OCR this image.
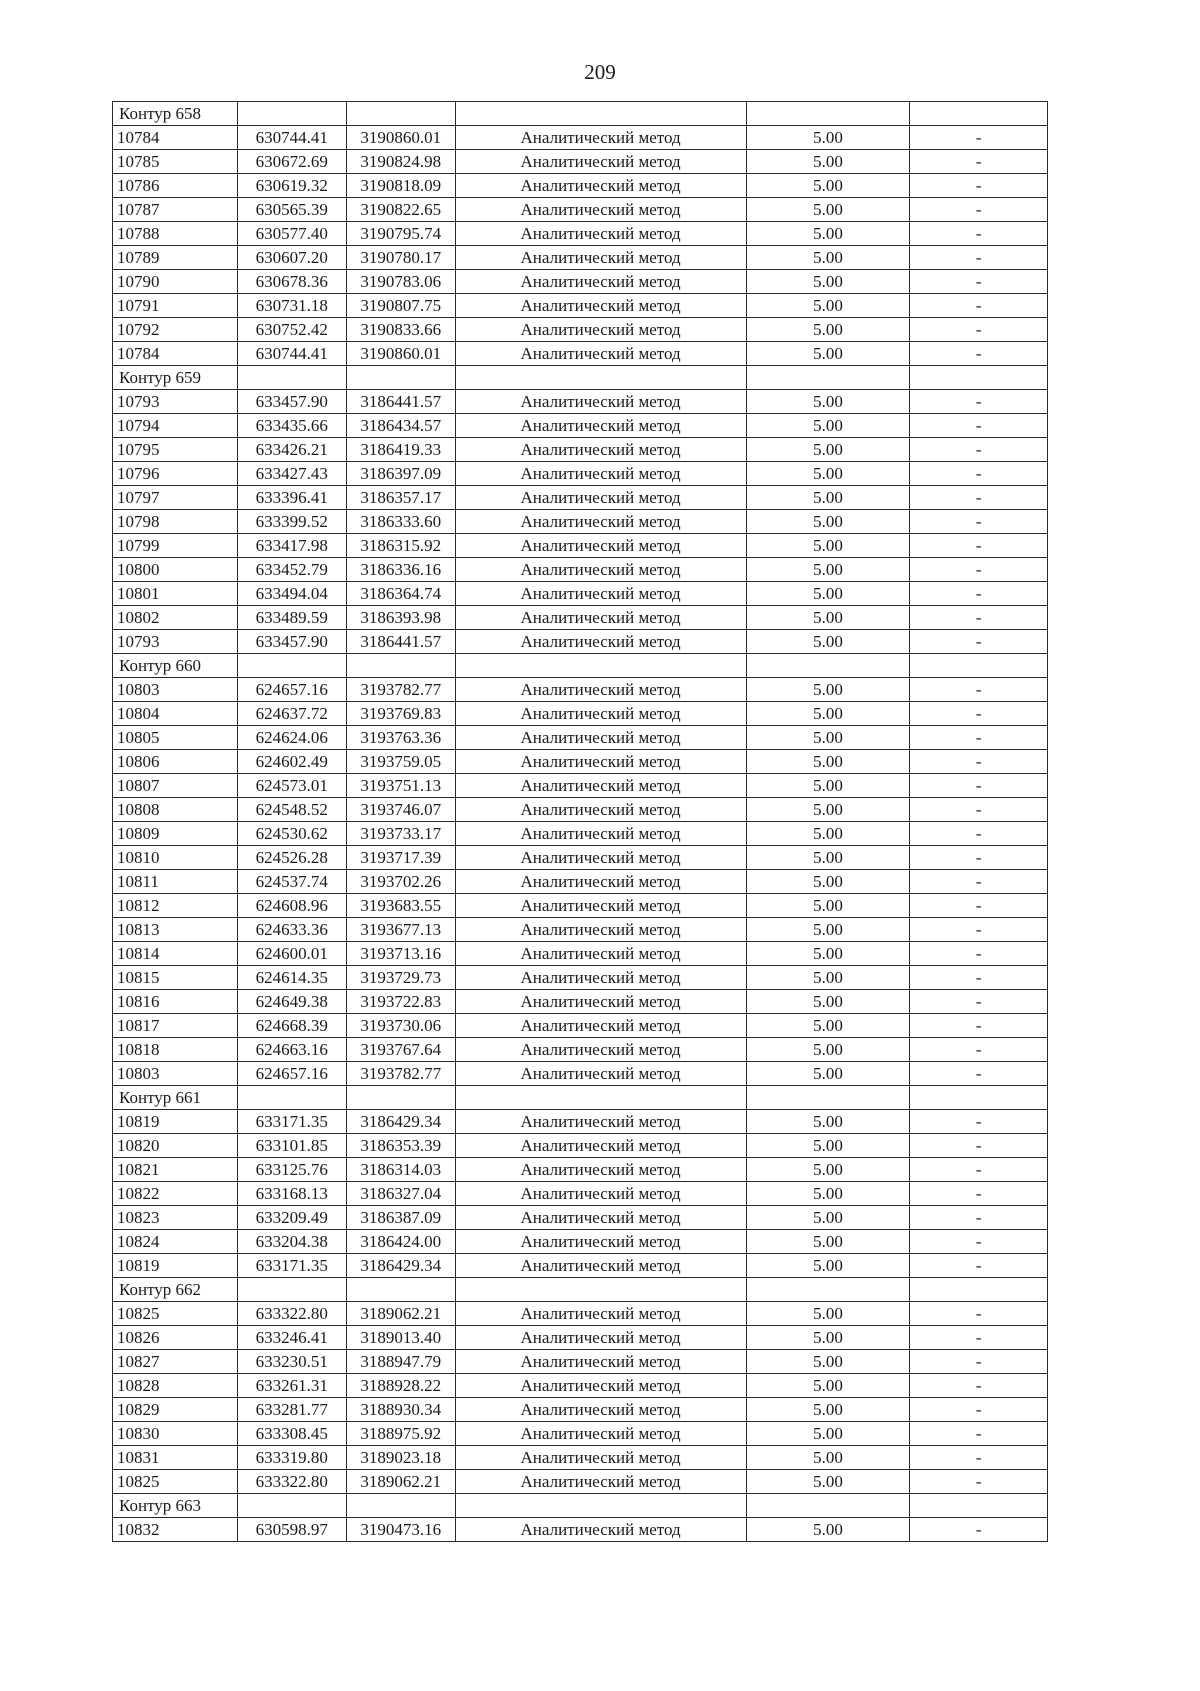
209
Контур 658					
10784	630744.41	3190860.01	Аналитический метод	5.00	-
10785	630672.69	3190824.98	Аналитический метод	5.00	-
10786	630619.32	3190818.09	Аналитический метод	5.00	-
10787	630565.39	3190822.65	Аналитический метод	5.00	-
10788	630577.40	3190795.74	Аналитический метод	5.00	-
10789	630607.20	3190780.17	Аналитический метод	5.00	-
10790	630678.36	3190783.06	Аналитический метод	5.00	-
10791	630731.18	3190807.75	Аналитический метод	5.00	-
10792	630752.42	3190833.66	Аналитический метод	5.00	-
10784	630744.41	3190860.01	Аналитический метод	5.00	-
Контур 659					
10793	633457.90	3186441.57	Аналитический метод	5.00	-
10794	633435.66	3186434.57	Аналитический метод	5.00	-
10795	633426.21	3186419.33	Аналитический метод	5.00	-
10796	633427.43	3186397.09	Аналитический метод	5.00	-
10797	633396.41	3186357.17	Аналитический метод	5.00	-
10798	633399.52	3186333.60	Аналитический метод	5.00	-
10799	633417.98	3186315.92	Аналитический метод	5.00	-
10800	633452.79	3186336.16	Аналитический метод	5.00	-
10801	633494.04	3186364.74	Аналитический метод	5.00	-
10802	633489.59	3186393.98	Аналитический метод	5.00	-
10793	633457.90	3186441.57	Аналитический метод	5.00	-
Контур 660					
10803	624657.16	3193782.77	Аналитический метод	5.00	-
10804	624637.72	3193769.83	Аналитический метод	5.00	-
10805	624624.06	3193763.36	Аналитический метод	5.00	-
10806	624602.49	3193759.05	Аналитический метод	5.00	-
10807	624573.01	3193751.13	Аналитический метод	5.00	-
10808	624548.52	3193746.07	Аналитический метод	5.00	-
10809	624530.62	3193733.17	Аналитический метод	5.00	-
10810	624526.28	3193717.39	Аналитический метод	5.00	-
10811	624537.74	3193702.26	Аналитический метод	5.00	-
10812	624608.96	3193683.55	Аналитический метод	5.00	-
10813	624633.36	3193677.13	Аналитический метод	5.00	-
10814	624600.01	3193713.16	Аналитический метод	5.00	-
10815	624614.35	3193729.73	Аналитический метод	5.00	-
10816	624649.38	3193722.83	Аналитический метод	5.00	-
10817	624668.39	3193730.06	Аналитический метод	5.00	-
10818	624663.16	3193767.64	Аналитический метод	5.00	-
10803	624657.16	3193782.77	Аналитический метод	5.00	-
Контур 661					
10819	633171.35	3186429.34	Аналитический метод	5.00	-
10820	633101.85	3186353.39	Аналитический метод	5.00	-
10821	633125.76	3186314.03	Аналитический метод	5.00	-
10822	633168.13	3186327.04	Аналитический метод	5.00	-
10823	633209.49	3186387.09	Аналитический метод	5.00	-
10824	633204.38	3186424.00	Аналитический метод	5.00	-
10819	633171.35	3186429.34	Аналитический метод	5.00	-
Контур 662					
10825	633322.80	3189062.21	Аналитический метод	5.00	-
10826	633246.41	3189013.40	Аналитический метод	5.00	-
10827	633230.51	3188947.79	Аналитический метод	5.00	-
10828	633261.31	3188928.22	Аналитический метод	5.00	-
10829	633281.77	3188930.34	Аналитический метод	5.00	-
10830	633308.45	3188975.92	Аналитический метод	5.00	-
10831	633319.80	3189023.18	Аналитический метод	5.00	-
10825	633322.80	3189062.21	Аналитический метод	5.00	-
Контур 663					
10832	630598.97	3190473.16	Аналитический метод	5.00	-
